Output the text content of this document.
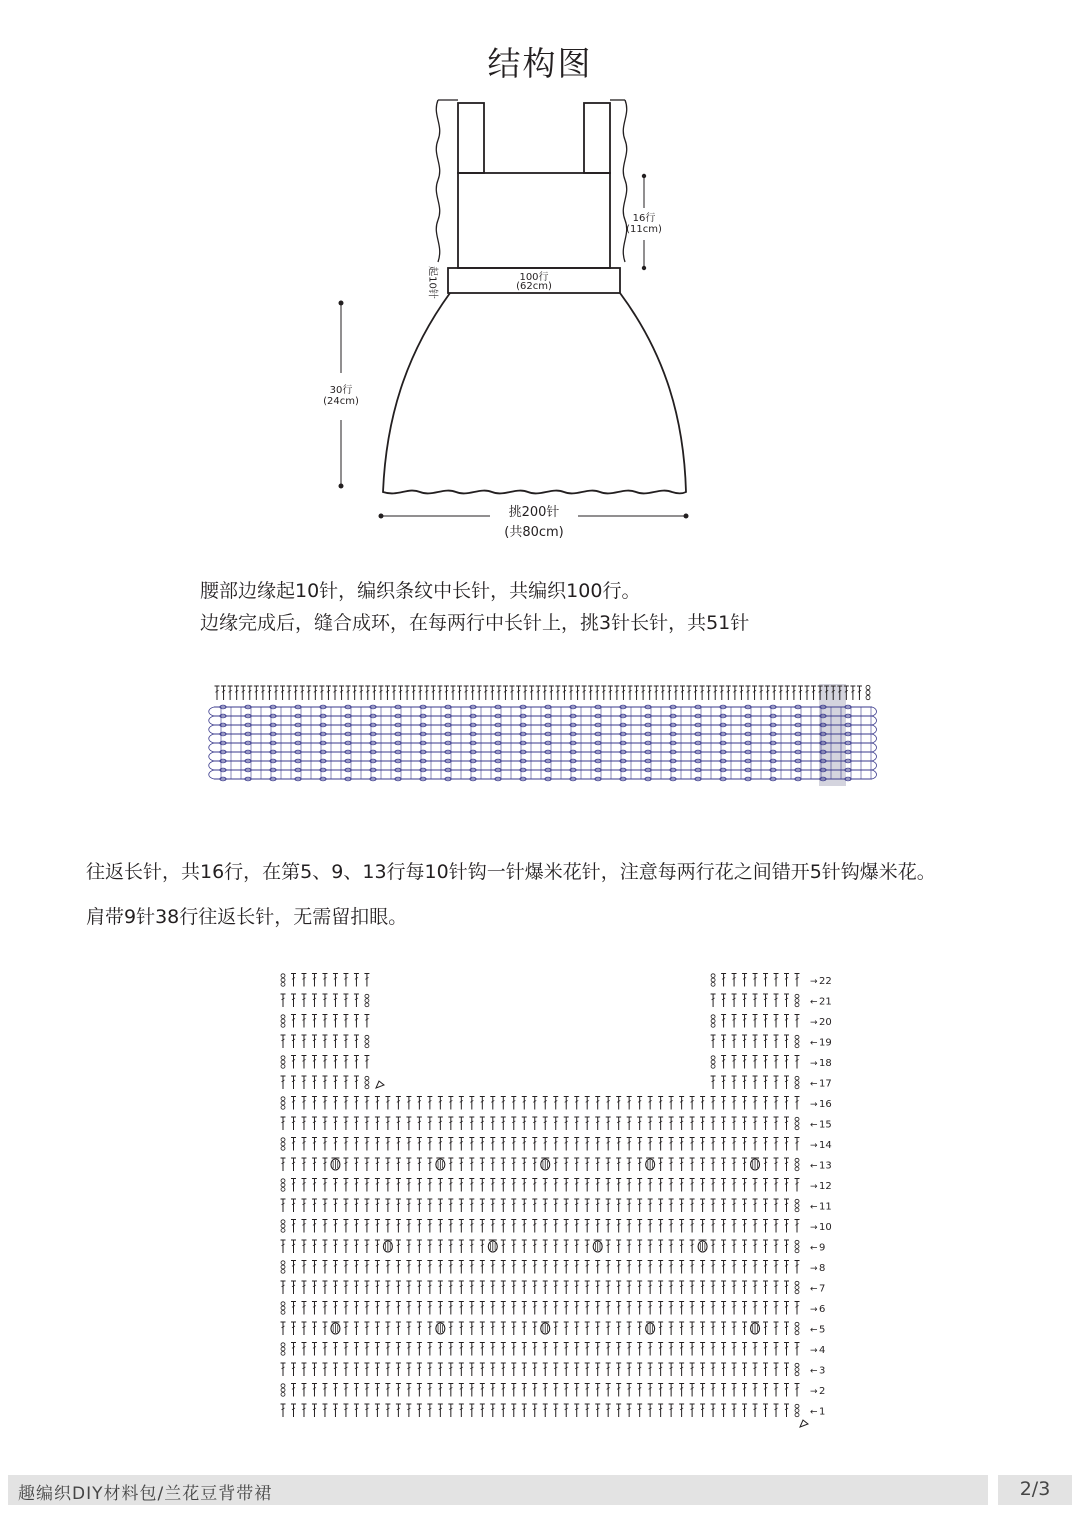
结构图
16行
(11cm)
起10针	100行
(62cm)
30行
(24cm)
挑200针
(共80cm)
腰部边缘起10针，编织条纹中长针，共编织100行。
边缘完成后，缝合成环，在每两行中长针上，挑3针长针，共51针
往返长针，共16行，在第5、9、13行每10针钩一针爆米花针，注意每两行花之间错开5针钩爆米花。
肩带9针38行往返长针，无需留扣眼。
← 1
→ 2
← 3
→ 4
← 5
→ 6
← 7
→ 8
← 9
→ 10
← 11
→ 12
← 13
→ 14
← 15
→ 16
← 17
→ 18
← 19
→ 20
← 21
→ 22
趣编织DIY材料包/兰花豆背带裙	2/3
